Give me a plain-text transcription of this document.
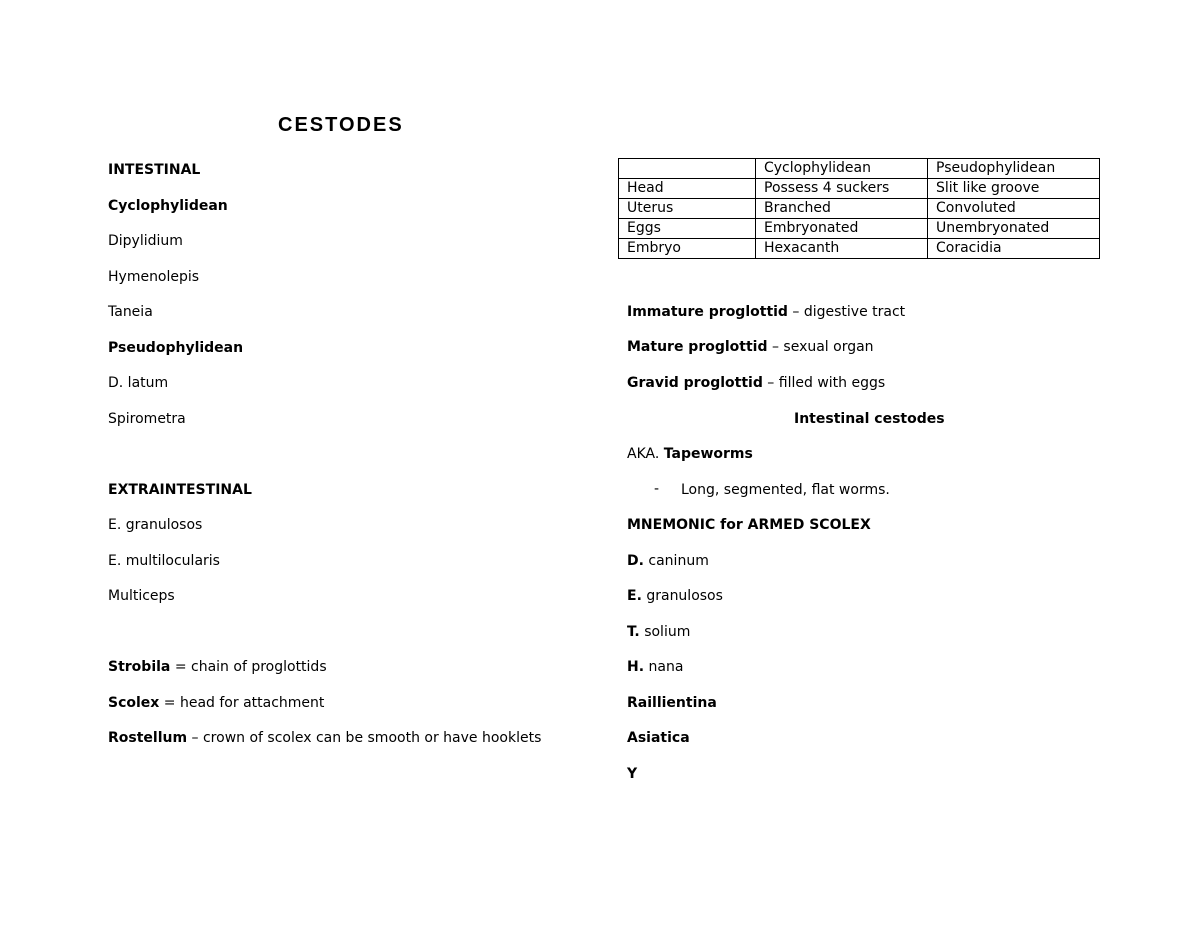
CESTODES
INTESTINAL
Cyclophylidean
Dipylidium
Hymenolepis
Taneia
Pseudophylidean
D. latum
Spirometra
EXTRAINTESTINAL
E. granulosos
E. multilocularis
Multiceps
Strobila = chain of proglottids
Scolex = head for attachment
Rostellum – crown of scolex can be smooth or have hooklets
	Cyclophylidean	Pseudophylidean
Head	Possess 4 suckers	Slit like groove
Uterus	Branched	Convoluted
Eggs	Embryonated	Unembryonated
Embryo	Hexacanth	Coracidia
Immature proglottid – digestive tract
Mature proglottid – sexual organ
Gravid proglottid – filled with eggs
Intestinal cestodes
AKA. Tapeworms
- Long, segmented, flat worms.
MNEMONIC for ARMED SCOLEX
D. caninum
E. granulosos
T. solium
H. nana
Raillientina
Asiatica
Y
